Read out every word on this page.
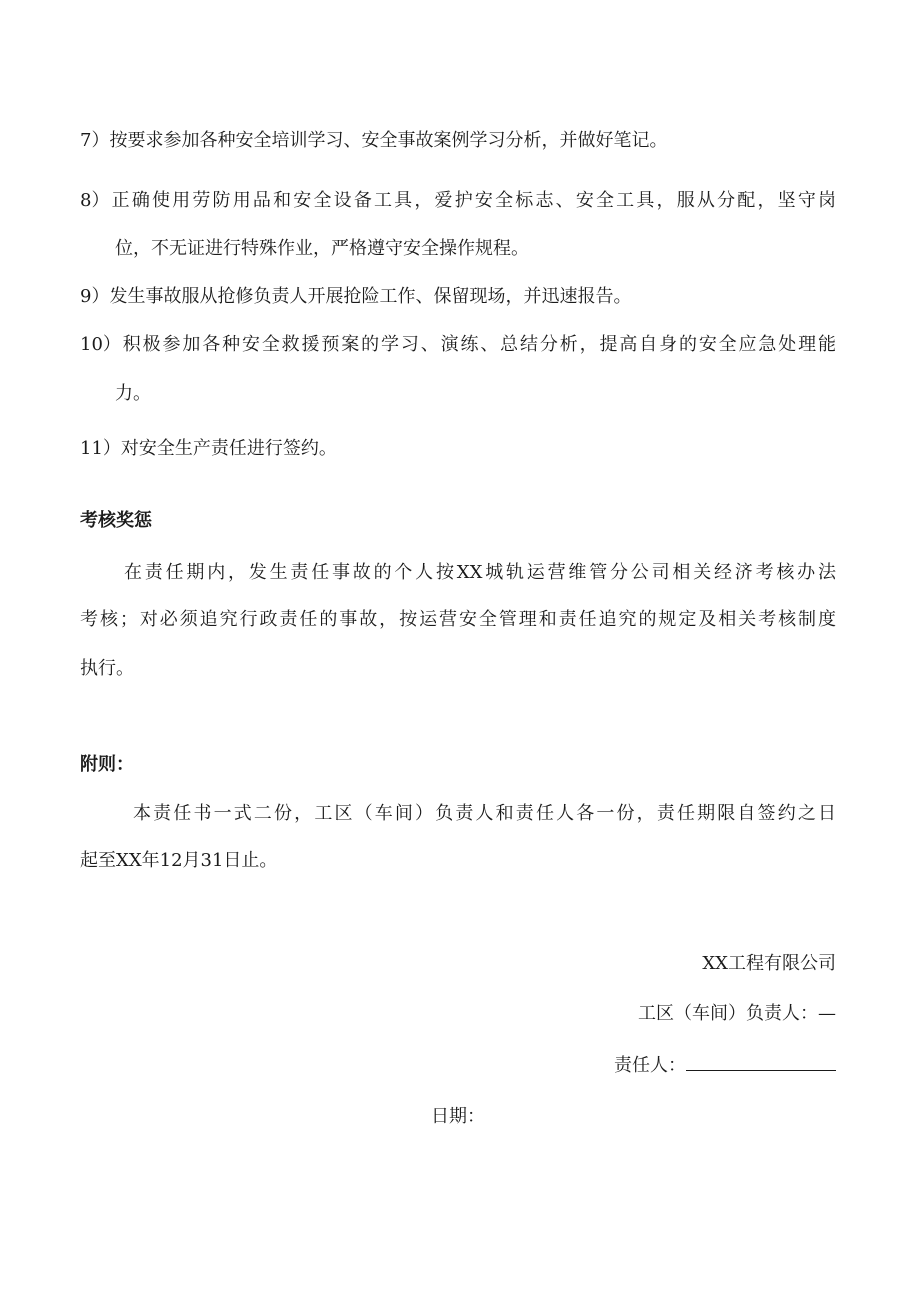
7）按要求参加各种安全培训学习、安全事故案例学习分析，并做好笔记。
8）正确使用劳防用品和安全设备工具，爱护安全标志、安全工具，服从分配，坚守岗
位，不无证进行特殊作业，严格遵守安全操作规程。
9）发生事故服从抢修负责人开展抢险工作、保留现场，并迅速报告。
10）积极参加各种安全救援预案的学习、演练、总结分析，提高自身的安全应急处理能
力。
11）对安全生产责任进行签约。
考核奖惩
在责任期内，发生责任事故的个人按XX城轨运营维管分公司相关经济考核办法
考核；对必须追究行政责任的事故，按运营安全管理和责任追究的规定及相关考核制度
执行。
附则：
本责任书一式二份，工区（车间）负责人和责任人各一份，责任期限自签约之日
起至XX年12月31日止。
XX工程有限公司
工区（车间）负责人：—
责任人：
日期：
